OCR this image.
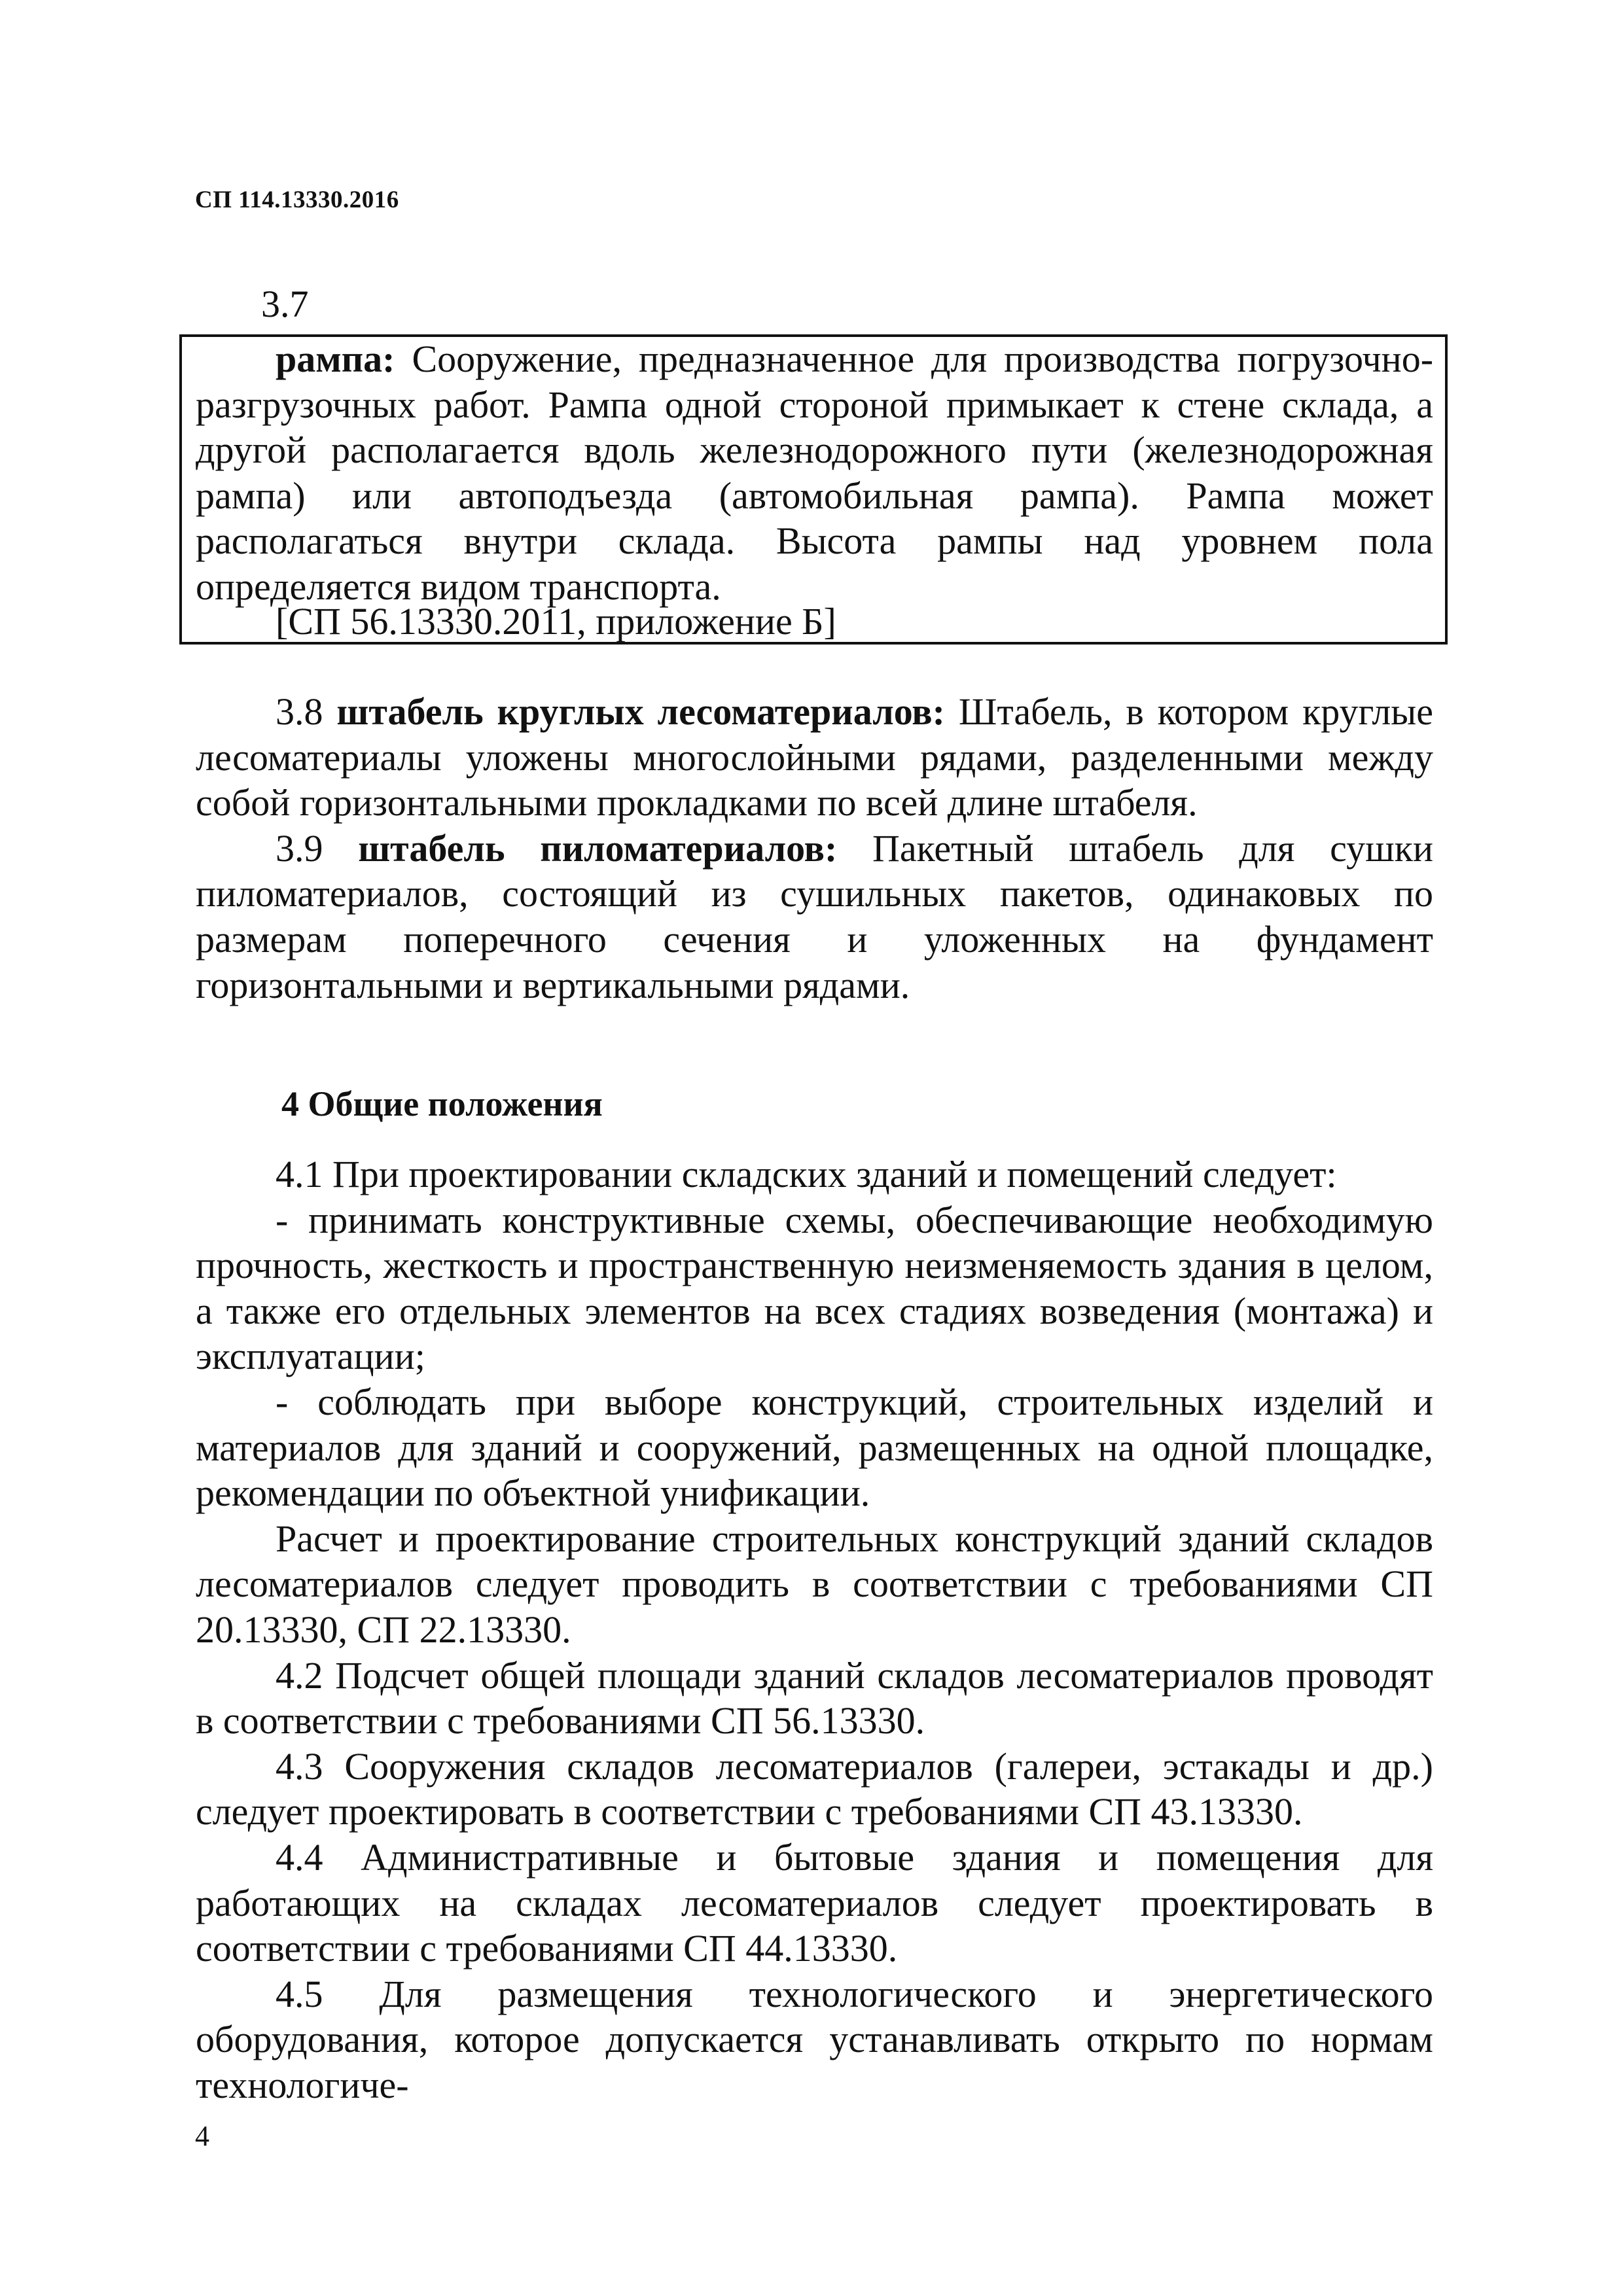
СП 114.13330.2016

3.7

рампа: Сооружение, предназначенное для производства погрузочно-разгрузочных работ. Рампа одной стороной примыкает к стене склада, а другой располагается вдоль железнодорожного пути (железнодорожная рампа) или автоподъезда (автомобильная рампа). Рампа может располагаться внутри склада. Высота рампы над уровнем пола определяется видом транспорта.

[СП 56.13330.2011, приложение Б]

3.8 штабель круглых лесоматериалов: Штабель, в котором круглые лесоматериалы уложены многослойными рядами, разделенными между собой горизонтальными прокладками по всей длине штабеля.

3.9 штабель пиломатериалов: Пакетный штабель для сушки пиломатериалов, состоящий из сушильных пакетов, одинаковых по размерам поперечного сечения и уложенных на фундамент горизонтальными и вертикальными рядами.

4 Общие положения

4.1 При проектировании складских зданий и помещений следует:

- принимать конструктивные схемы, обеспечивающие необходимую прочность, жесткость и пространственную неизменяемость здания в целом, а также его отдельных элементов на всех стадиях возведения (монтажа) и эксплуатации;

- соблюдать при выборе конструкций, строительных изделий и материалов для зданий и сооружений, размещенных на одной площадке, рекомендации по объектной унификации.

Расчет и проектирование строительных конструкций зданий складов лесоматериалов следует проводить в соответствии с требованиями СП 20.13330, СП 22.13330.

4.2 Подсчет общей площади зданий складов лесоматериалов проводят в соответствии с требованиями СП 56.13330.

4.3 Сооружения складов лесоматериалов (галереи, эстакады и др.) следует проектировать в соответствии с требованиями СП 43.13330.

4.4 Административные и бытовые здания и помещения для работающих на складах лесоматериалов следует проектировать в соответствии с требованиями СП 44.13330.

4.5 Для размещения технологического и энергетического оборудования, которое допускается устанавливать открыто по нормам технологиче-

4
